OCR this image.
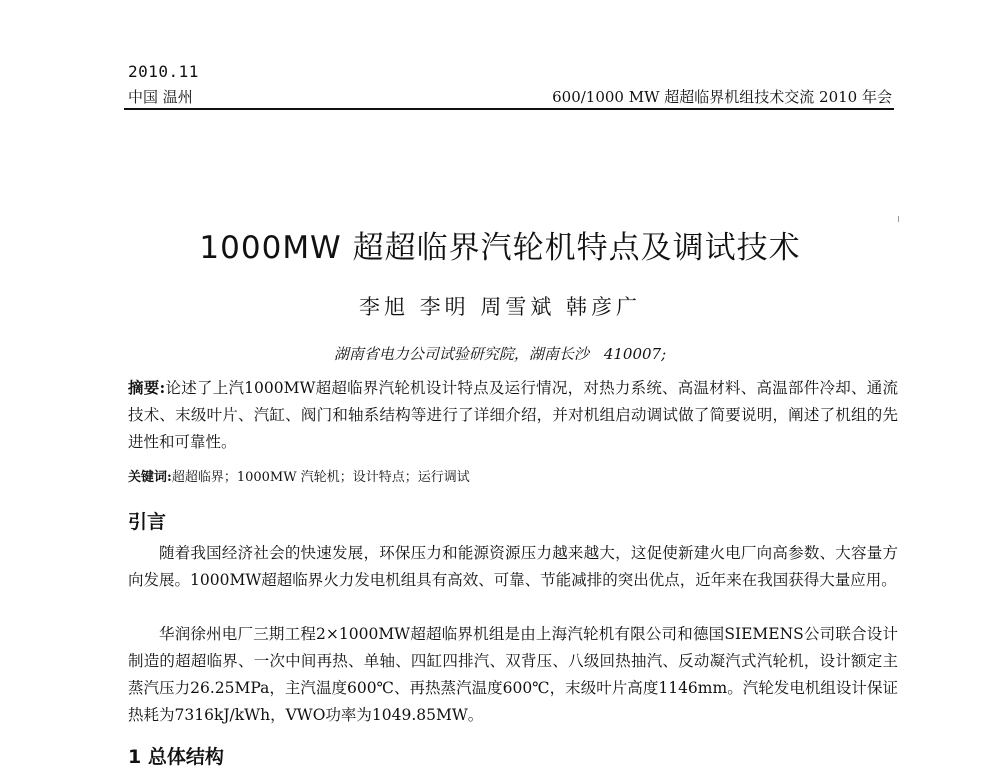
2010.11
中国 温州	600/1000 MW 超超临界机组技术交流 2010 年会
1000MW 超超临界汽轮机特点及调试技术
李旭 李明 周雪斌 韩彦广
湖南省电力公司试验研究院，湖南长沙　410007;
摘要:论述了上汽1000MW超超临界汽轮机设计特点及运行情况，对热力系统、高温材料、高温部件冷却、通流技术、末级叶片、汽缸、阀门和轴系结构等进行了详细介绍，并对机组启动调试做了简要说明，阐述了机组的先进性和可靠性。
关键词:超超临界；1000MW 汽轮机；设计特点；运行调试
引言
随着我国经济社会的快速发展，环保压力和能源资源压力越来越大，这促使新建火电厂向高参数、大容量方向发展。1000MW超超临界火力发电机组具有高效、可靠、节能减排的突出优点，近年来在我国获得大量应用。
华润徐州电厂三期工程2×1000MW超超临界机组是由上海汽轮机有限公司和德国SIEMENS公司联合设计制造的超超临界、一次中间再热、单轴、四缸四排汽、双背压、八级回热抽汽、反动凝汽式汽轮机，设计额定主蒸汽压力26.25MPa，主汽温度600℃、再热蒸汽温度600℃，末级叶片高度1146mm。汽轮发电机组设计保证热耗为7316kJ/kWh，VWO功率为1049.85MW。
1 总体结构
